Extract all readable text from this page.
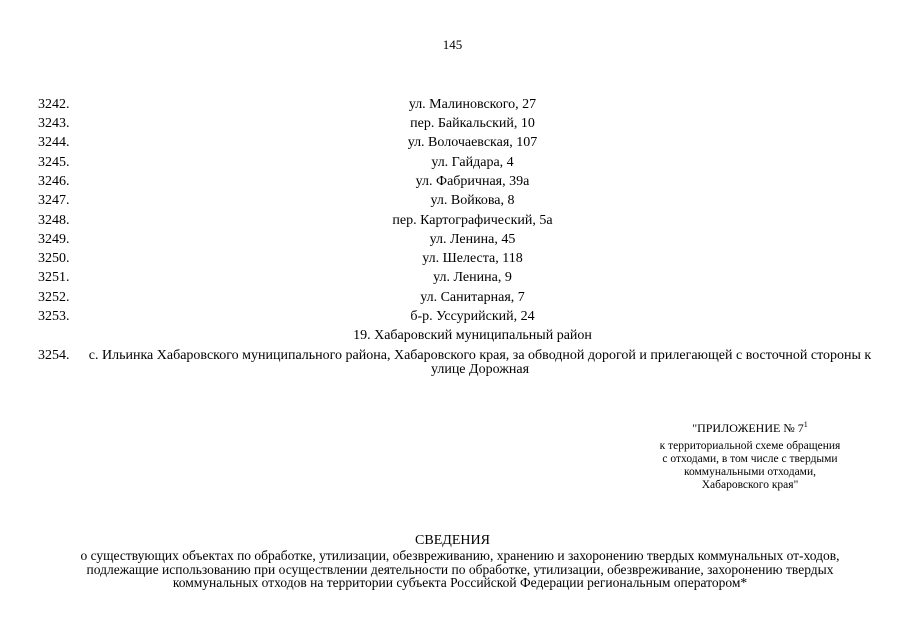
145
3242.	ул. Малиновского, 27
3243.	пер. Байкальский, 10
3244.	ул. Волочаевская, 107
3245.	ул. Гайдара, 4
3246.	ул. Фабричная, 39а
3247.	ул. Войкова, 8
3248.	пер. Картографический, 5а
3249.	ул. Ленина, 45
3250.	ул. Шелеста, 118
3251.	ул. Ленина, 9
3252.	ул. Санитарная, 7
3253.	б-р. Уссурийский, 24
19. Хабаровский муниципальный район
3254. с. Ильинка Хабаровского муниципального района, Хабаровского края, за обводной дорогой и прилегающей с восточной стороны к улице Дорожная
"ПРИЛОЖЕНИЕ № $7^1$
к территориальной схеме обращения
с отходами, в том числе с твердыми
коммунальными отходами,
Хабаровского края"
СВЕДЕНИЯ
о существующих объектах по обработке, утилизации, обезвреживанию, хранению и захоронению твердых коммунальных от-ходов, подлежащие использованию при осуществлении деятельности по обработке, утилизации, обезвреживание, захоронению твердых коммунальных отходов на территории субъекта Российской Федерации региональным оператором*
